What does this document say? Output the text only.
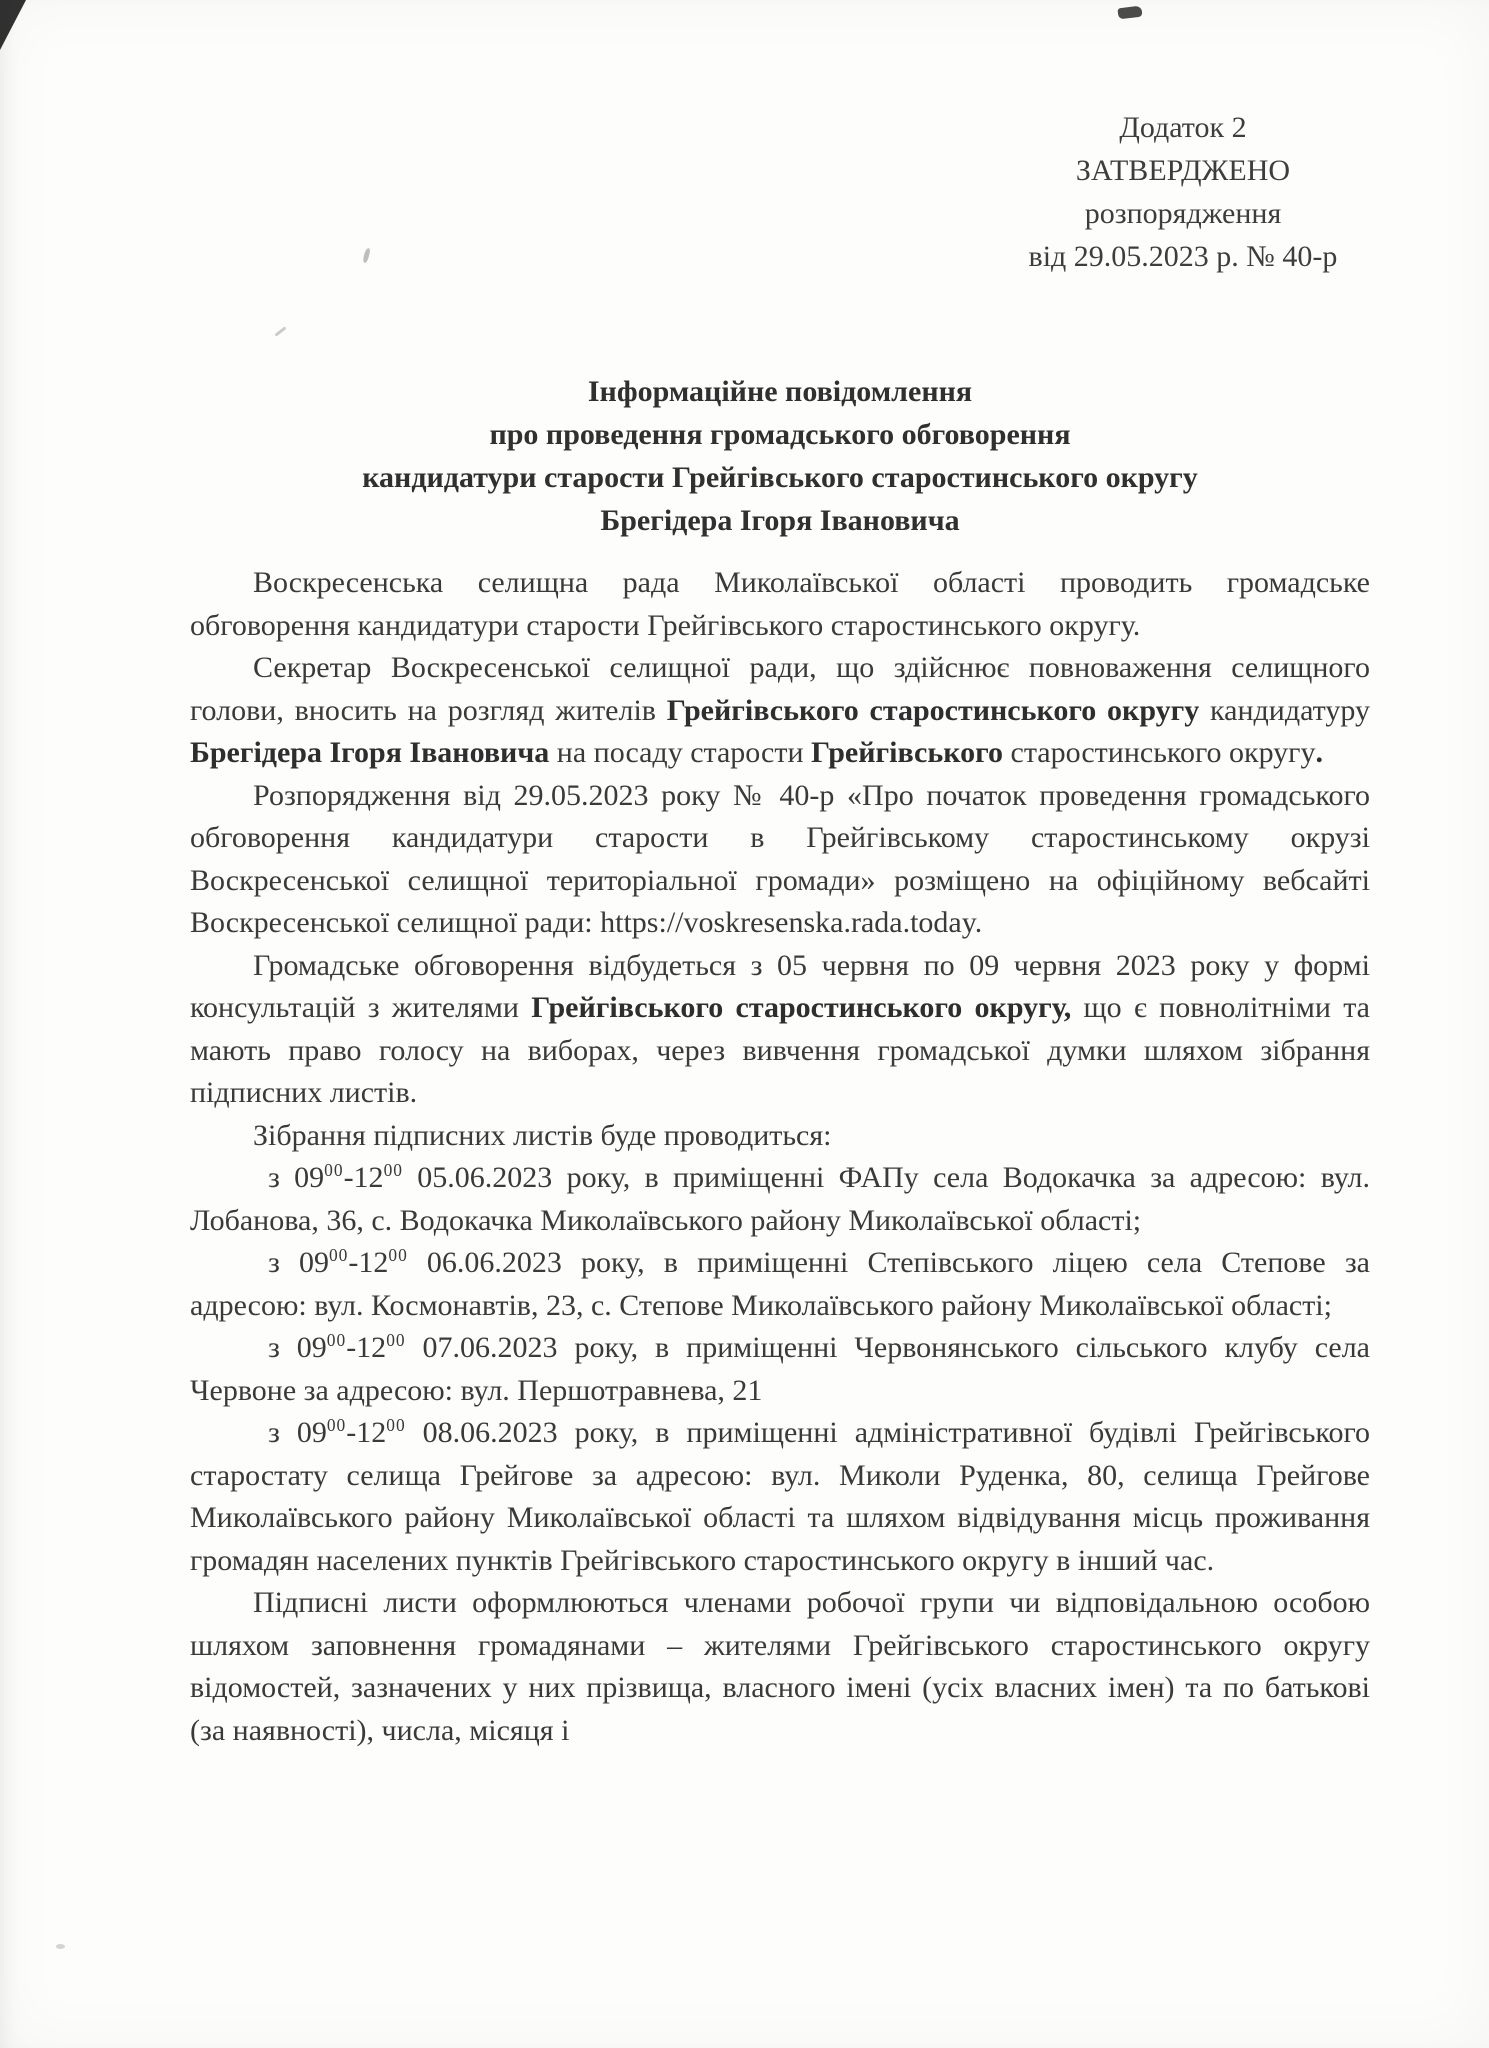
Додаток 2
ЗАТВЕРДЖЕНО
розпорядження
від 29.05.2023 р. № 40-р
Інформаційне повідомлення
про проведення громадського обговорення
кандидатури старости Грейгівського старостинського округу
Брегідера Ігоря Івановича

Воскресенська селищна рада Миколаївської області проводить громадське обговорення кандидатури старости Грейгівського старостинського округу.

Секретар Воскресенської селищної ради, що здійснює повноваження селищного голови, вносить на розгляд жителів Грейгівського старостинського округу кандидатуру Брегідера Ігоря Івановича на посаду старости Грейгівського старостинського округу.

Розпорядження від 29.05.2023 року № 40-р «Про початок проведення громадського обговорення кандидатури старости в Грейгівському старостинському окрузі Воскресенської селищної територіальної громади» розміщено на офіційному вебсайті Воскресенської селищної ради: https://voskresenska.rada.today.

Громадське обговорення відбудеться з 05 червня по 09 червня 2023 року у формі консультацій з жителями Грейгівського старостинського округу, що є повнолітніми та мають право голосу на виборах, через вивчення громадської думки шляхом зібрання підписних листів.

Зібрання підписних листів буде проводиться:

з $09^{00}-12^{00}$ 05.06.2023 року, в приміщенні ФАПу села Водокачка за адресою: вул. Лобанова, 36, с. Водокачка Миколаївського району Миколаївської області;

з $09^{00}-12^{00}$ 06.06.2023 року, в приміщенні Степівського ліцею села Степове за адресою: вул. Космонавтів, 23, с. Степове Миколаївського району Миколаївської області;

з $09^{00}-12^{00}$ 07.06.2023 року, в приміщенні Червонянського сільського клубу села Червоне за адресою: вул. Першотравнева, 21

з $09^{00}-12^{00}$ 08.06.2023 року, в приміщенні адміністративної будівлі Грейгівського старостату селища Грейгове за адресою: вул. Миколи Руденка, 80, селища Грейгове Миколаївського району Миколаївської області та шляхом відвідування місць проживання громадян населених пунктів Грейгівського старостинського округу в інший час.

Підписні листи оформлюються членами робочої групи чи відповідальною особою шляхом заповнення громадянами – жителями Грейгівського старостинського округу відомостей, зазначених у них прізвища, власного імені (усіх власних імен) та по батькові (за наявності), числа, місяця і
